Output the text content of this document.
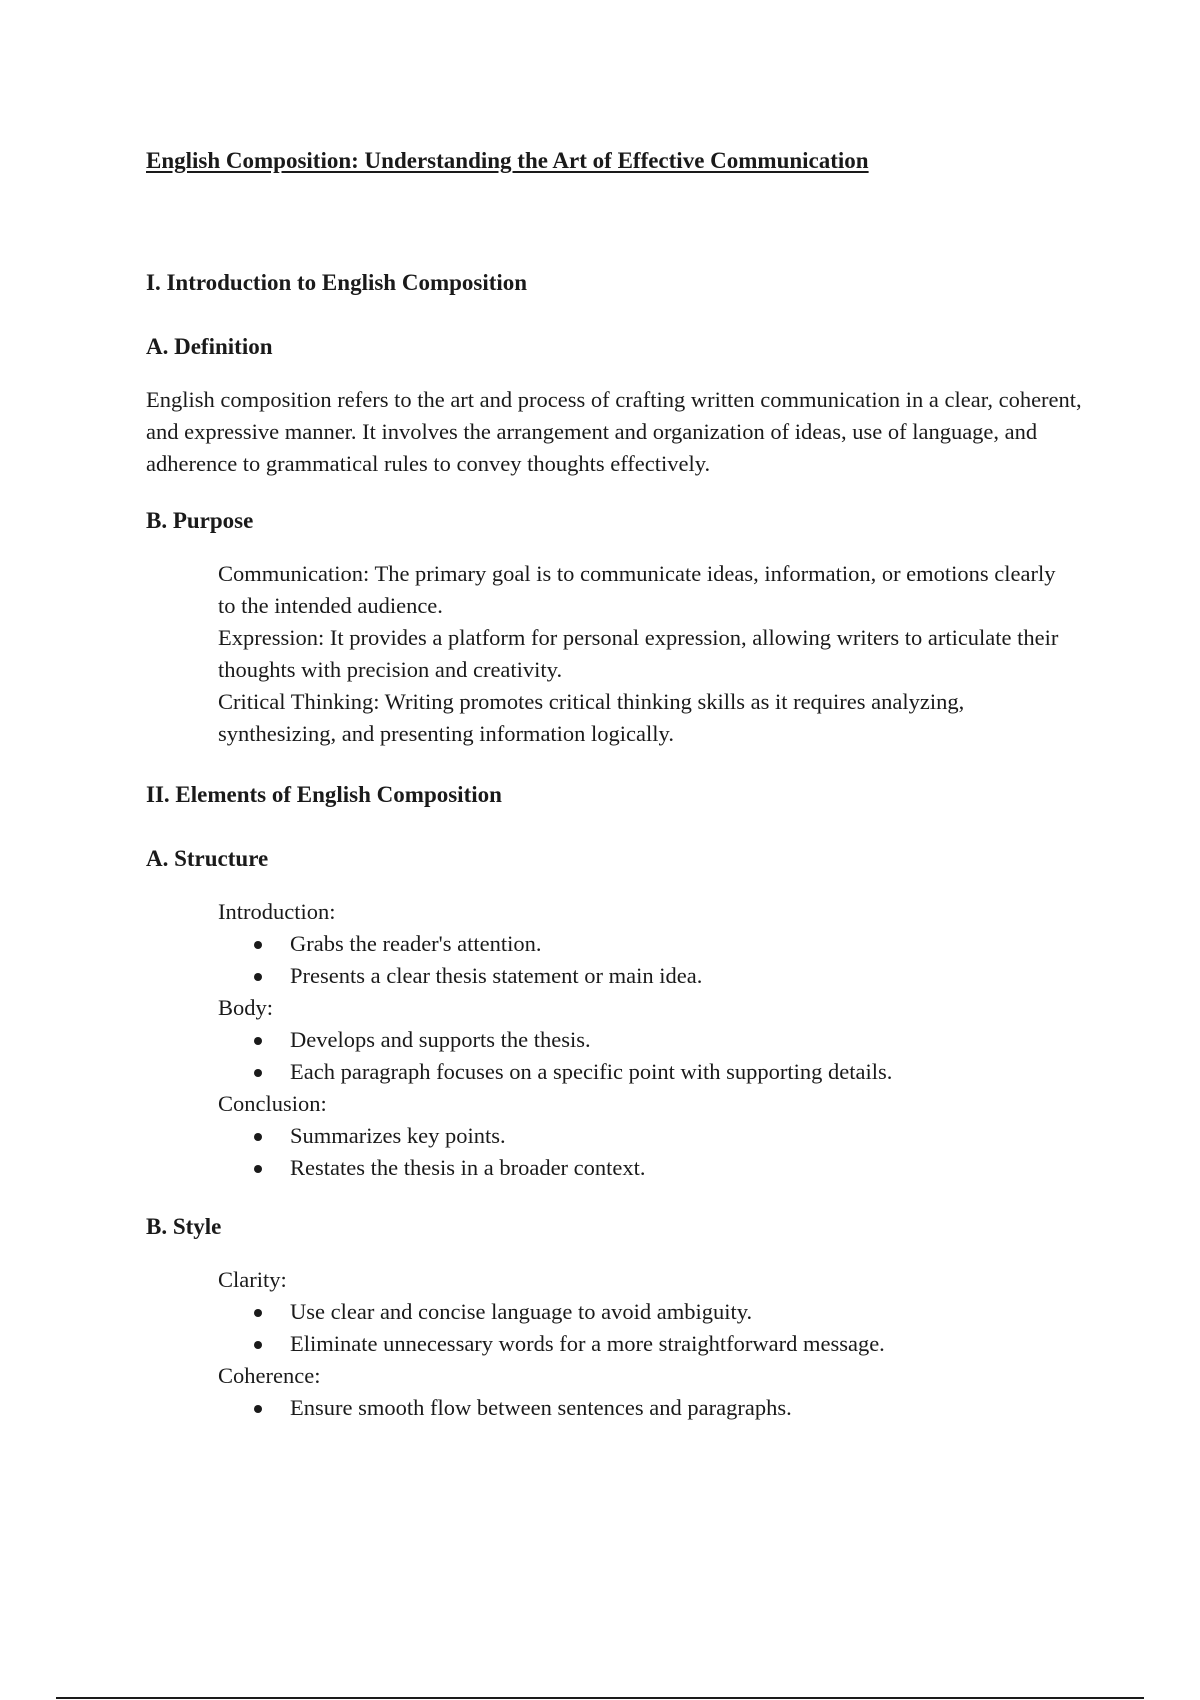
English Composition: Understanding the Art of Effective Communication
I. Introduction to English Composition
A. Definition

English composition refers to the art and process of crafting written communication in a clear, coherent, and expressive manner. It involves the arrangement and organization of ideas, use of language, and adherence to grammatical rules to convey thoughts effectively.

B. Purpose

Communication: The primary goal is to communicate ideas, information, or emotions clearly to the intended audience.

Expression: It provides a platform for personal expression, allowing writers to articulate their thoughts with precision and creativity.

Critical Thinking: Writing promotes critical thinking skills as it requires analyzing, synthesizing, and presenting information logically.

II. Elements of English Composition
A. Structure

Introduction:

Grabs the reader's attention.
Presents a clear thesis statement or main idea.

Body:

Develops and supports the thesis.
Each paragraph focuses on a specific point with supporting details.

Conclusion:

Summarizes key points.
Restates the thesis in a broader context.
B. Style

Clarity:

Use clear and concise language to avoid ambiguity.
Eliminate unnecessary words for a more straightforward message.

Coherence:

Ensure smooth flow between sentences and paragraphs.
